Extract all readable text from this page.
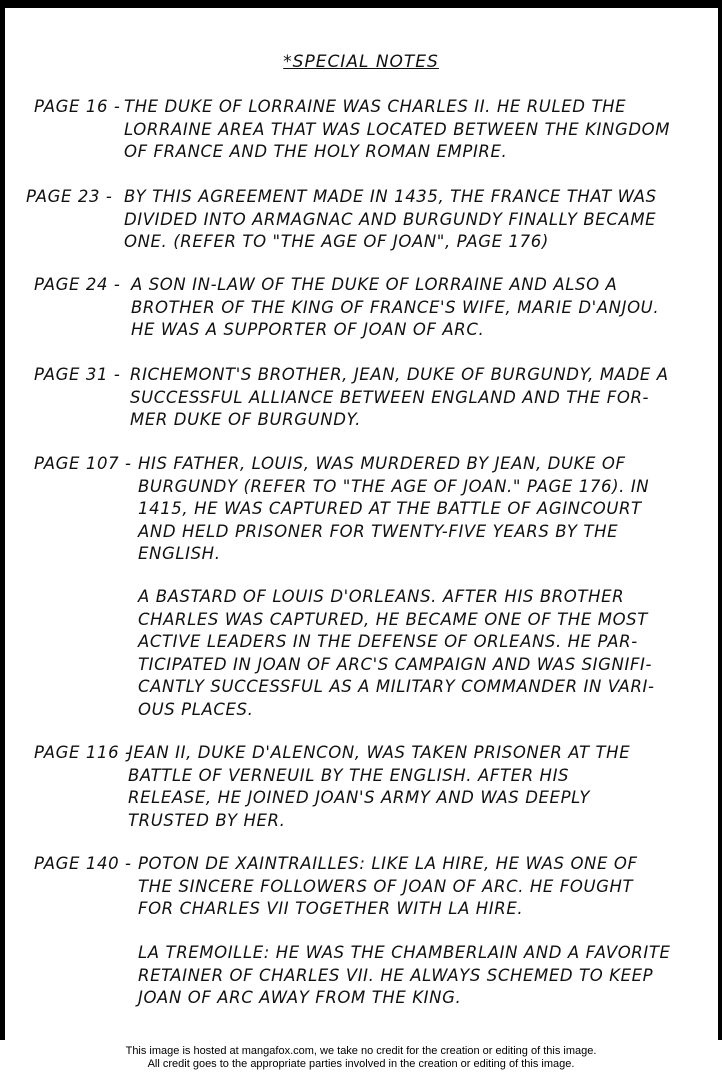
*SPECIAL NOTES
PAGE 16 - THE DUKE OF LORRAINE WAS CHARLES II. HE RULED THE
LORRAINE AREA THAT WAS LOCATED BETWEEN THE KINGDOM
OF FRANCE AND THE HOLY ROMAN EMPIRE.
PAGE 23 - BY THIS AGREEMENT MADE IN 1435, THE FRANCE THAT WAS
DIVIDED INTO ARMAGNAC AND BURGUNDY FINALLY BECAME
ONE. (REFER TO "THE AGE OF JOAN", PAGE 176)
PAGE 24 - A SON IN-LAW OF THE DUKE OF LORRAINE AND ALSO A
BROTHER OF THE KING OF FRANCE'S WIFE, MARIE D'ANJOU.
HE WAS A SUPPORTER OF JOAN OF ARC.
PAGE 31 - RICHEMONT'S BROTHER, JEAN, DUKE OF BURGUNDY, MADE A
SUCCESSFUL ALLIANCE BETWEEN ENGLAND AND THE FOR-
MER DUKE OF BURGUNDY.
PAGE 107 - HIS FATHER, LOUIS, WAS MURDERED BY JEAN, DUKE OF
BURGUNDY (REFER TO "THE AGE OF JOAN." PAGE 176). IN
1415, HE WAS CAPTURED AT THE BATTLE OF AGINCOURT
AND HELD PRISONER FOR TWENTY-FIVE YEARS BY THE
ENGLISH.
A BASTARD OF LOUIS D'ORLEANS. AFTER HIS BROTHER
CHARLES WAS CAPTURED, HE BECAME ONE OF THE MOST
ACTIVE LEADERS IN THE DEFENSE OF ORLEANS. HE PAR-
TICIPATED IN JOAN OF ARC'S CAMPAIGN AND WAS SIGNIFI-
CANTLY SUCCESSFUL AS A MILITARY COMMANDER IN VARI-
OUS PLACES.
PAGE 116 -
JEAN II, DUKE D'ALENCON, WAS TAKEN PRISONER AT THE
BATTLE OF VERNEUIL BY THE ENGLISH. AFTER HIS
RELEASE, HE JOINED JOAN'S ARMY AND WAS DEEPLY
TRUSTED BY HER.
PAGE 140 - POTON DE XAINTRAILLES: LIKE LA HIRE, HE WAS ONE OF
THE SINCERE FOLLOWERS OF JOAN OF ARC. HE FOUGHT
FOR CHARLES VII TOGETHER WITH LA HIRE.
LA TREMOILLE: HE WAS THE CHAMBERLAIN AND A FAVORITE
RETAINER OF CHARLES VII. HE ALWAYS SCHEMED TO KEEP
JOAN OF ARC AWAY FROM THE KING.
This image is hosted at mangafox.com, we take no credit for the creation or editing of this image.
All credit goes to the appropriate parties involved in the creation or editing of this image.
